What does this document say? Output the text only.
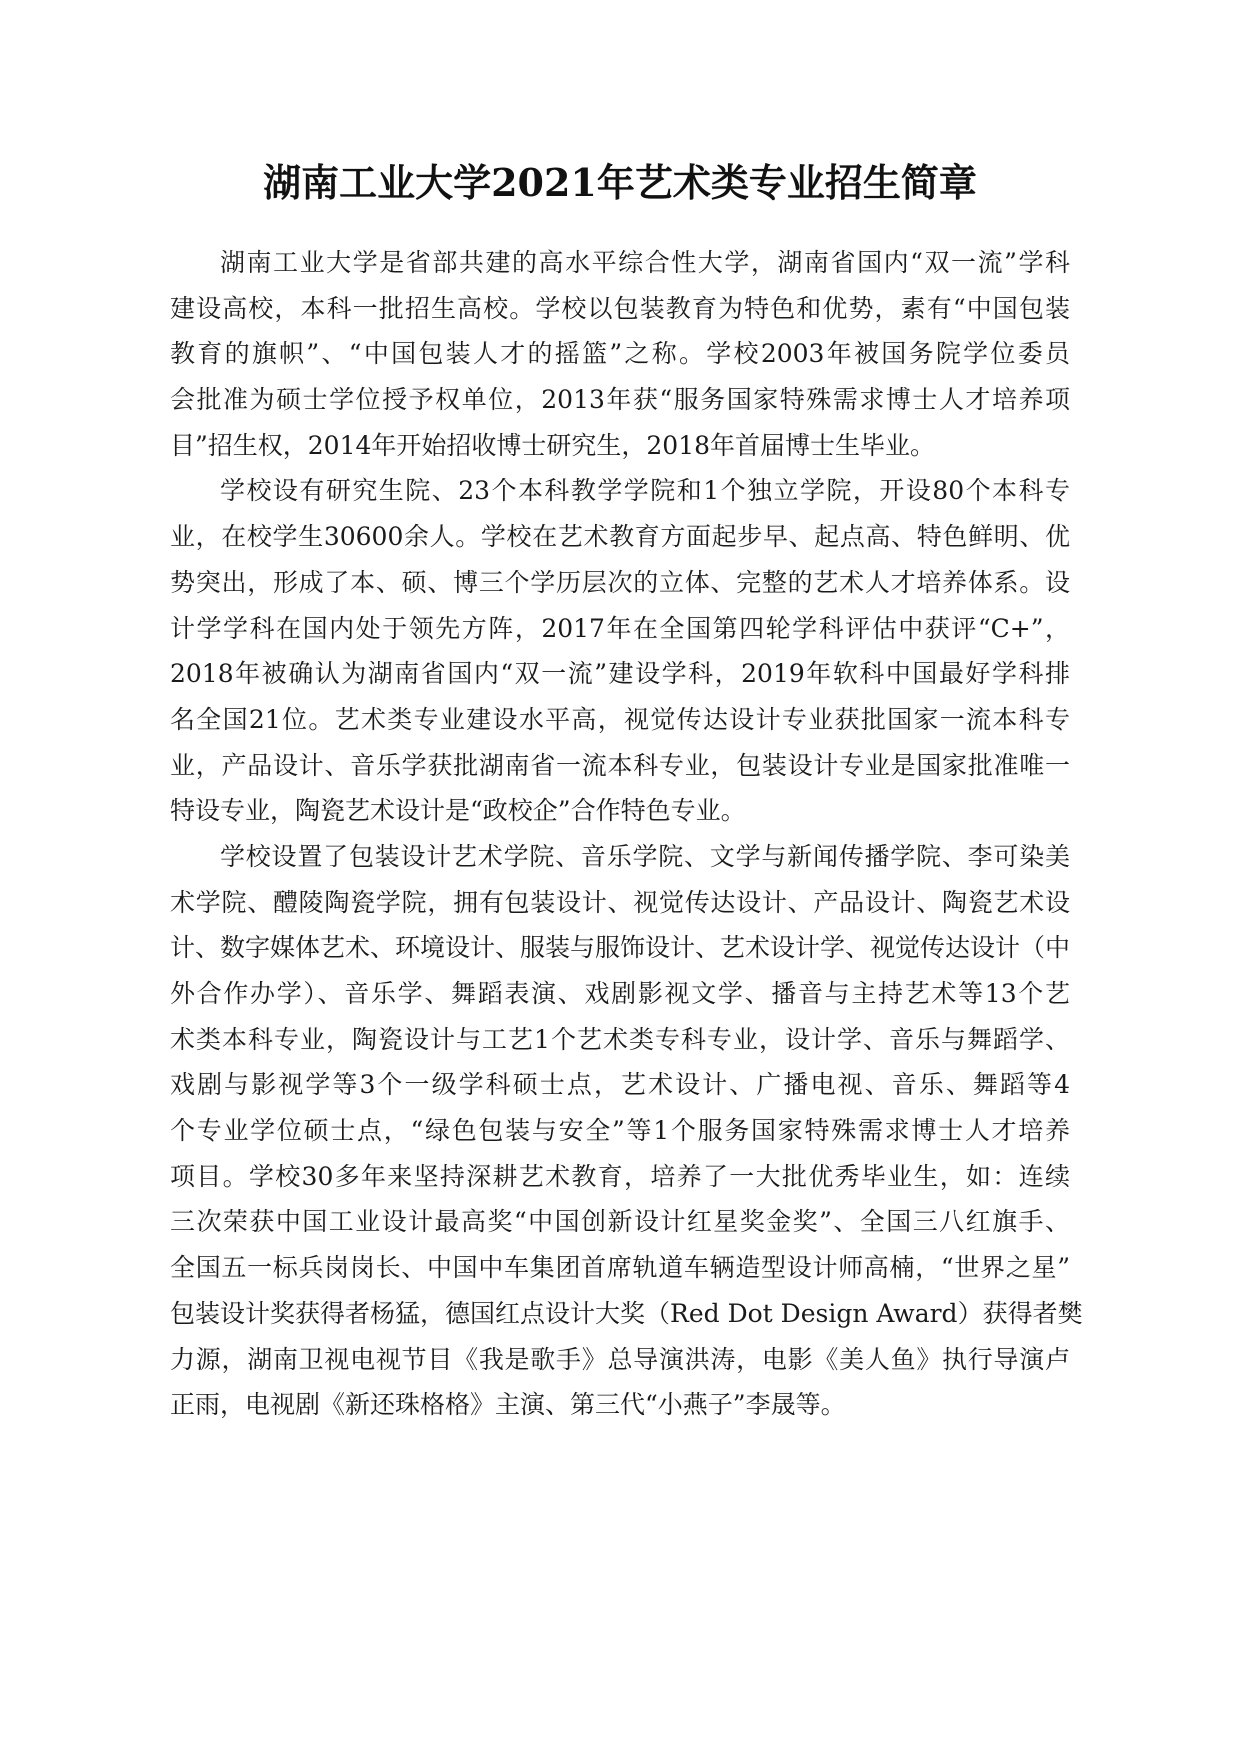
湖南工业大学2021年艺术类专业招生简章
湖南工业大学是省部共建的高水平综合性大学，湖南省国内“双一流”学科
建设高校，本科一批招生高校。学校以包装教育为特色和优势，素有“中国包装
教育的旗帜”、“中国包装人才的摇篮”之称。学校2003年被国务院学位委员
会批准为硕士学位授予权单位，2013年获“服务国家特殊需求博士人才培养项
目”招生权，2014年开始招收博士研究生，2018年首届博士生毕业。
学校设有研究生院、23个本科教学学院和1个独立学院，开设80个本科专
业，在校学生30600余人。学校在艺术教育方面起步早、起点高、特色鲜明、优
势突出，形成了本、硕、博三个学历层次的立体、完整的艺术人才培养体系。设
计学学科在国内处于领先方阵，2017年在全国第四轮学科评估中获评“C+”，
2018年被确认为湖南省国内“双一流”建设学科，2019年软科中国最好学科排
名全国21位。艺术类专业建设水平高，视觉传达设计专业获批国家一流本科专
业，产品设计、音乐学获批湖南省一流本科专业，包装设计专业是国家批准唯一
特设专业，陶瓷艺术设计是“政校企”合作特色专业。
学校设置了包装设计艺术学院、音乐学院、文学与新闻传播学院、李可染美
术学院、醴陵陶瓷学院，拥有包装设计、视觉传达设计、产品设计、陶瓷艺术设
计、数字媒体艺术、环境设计、服装与服饰设计、艺术设计学、视觉传达设计（中
外合作办学）、音乐学、舞蹈表演、戏剧影视文学、播音与主持艺术等13个艺
术类本科专业，陶瓷设计与工艺1个艺术类专科专业，设计学、音乐与舞蹈学、
戏剧与影视学等3个一级学科硕士点，艺术设计、广播电视、音乐、舞蹈等4
个专业学位硕士点，“绿色包装与安全”等1个服务国家特殊需求博士人才培养
项目。学校30多年来坚持深耕艺术教育，培养了一大批优秀毕业生，如：连续
三次荣获中国工业设计最高奖“中国创新设计红星奖金奖”、全国三八红旗手、
全国五一标兵岗岗长、中国中车集团首席轨道车辆造型设计师高楠，“世界之星”
包装设计奖获得者杨猛，德国红点设计大奖（Red Dot Design Award）获得者樊
力源，湖南卫视电视节目《我是歌手》总导演洪涛，电影《美人鱼》执行导演卢
正雨，电视剧《新还珠格格》主演、第三代“小燕子”李晟等。
